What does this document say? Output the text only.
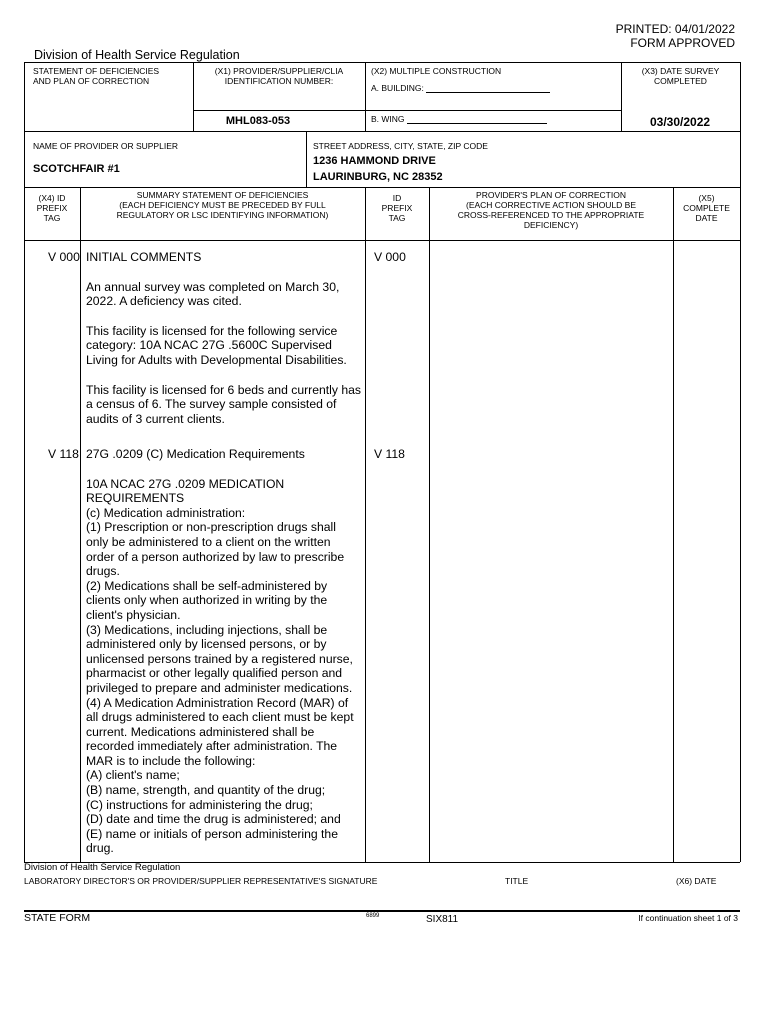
PRINTED: 04/01/2022
FORM APPROVED
Division of Health Service Regulation
STATEMENT OF DEFICIENCIES
AND PLAN OF CORRECTION
(X1) PROVIDER/SUPPLIER/CLIA
IDENTIFICATION NUMBER:
MHL083-053
(X2) MULTIPLE CONSTRUCTION
A. BUILDING:
B. WING
(X3) DATE SURVEY
COMPLETED
03/30/2022
NAME OF PROVIDER OR SUPPLIER
SCOTCHFAIR #1
STREET ADDRESS, CITY, STATE, ZIP CODE
1236 HAMMOND DRIVE
LAURINBURG, NC 28352
(X4) ID
PREFIX
TAG
SUMMARY STATEMENT OF DEFICIENCIES
(EACH DEFICIENCY MUST BE PRECEDED BY FULL
REGULATORY OR LSC IDENTIFYING INFORMATION)
ID
PREFIX
TAG
PROVIDER'S PLAN OF CORRECTION
(EACH CORRECTIVE ACTION SHOULD BE
CROSS-REFERENCED TO THE APPROPRIATE
DEFICIENCY)
(X5)
COMPLETE
DATE
V 000	V 000
INITIAL COMMENTS
An annual survey was completed on March 30, 2022. A deficiency was cited.
This facility is licensed for the following service category: 10A NCAC 27G .5600C Supervised Living for Adults with Developmental Disabilities.
This facility is licensed for 6 beds and currently has a census of 6. The survey sample consisted of audits of 3 current clients.
V 118	V 118
27G .0209 (C) Medication Requirements
10A NCAC 27G .0209 MEDICATION
REQUIREMENTS
(c) Medication administration:
(1) Prescription or non-prescription drugs shall
only be administered to a client on the written
order of a person authorized by law to prescribe
drugs.
(2) Medications shall be self-administered by
clients only when authorized in writing by the
client's physician.
(3) Medications, including injections, shall be
administered only by licensed persons, or by
unlicensed persons trained by a registered nurse,
pharmacist or other legally qualified person and
privileged to prepare and administer medications.
(4) A Medication Administration Record (MAR) of
all drugs administered to each client must be kept
current. Medications administered shall be
recorded immediately after administration. The
MAR is to include the following:
(A) client's name;
(B) name, strength, and quantity of the drug;
(C) instructions for administering the drug;
(D) date and time the drug is administered; and
(E) name or initials of person administering the
drug.
Division of Health Service Regulation
LABORATORY DIRECTOR'S OR PROVIDER/SUPPLIER REPRESENTATIVE'S SIGNATURE	TITLE	(X6) DATE
STATE FORM	6899	SIX811	If continuation sheet 1 of 3
